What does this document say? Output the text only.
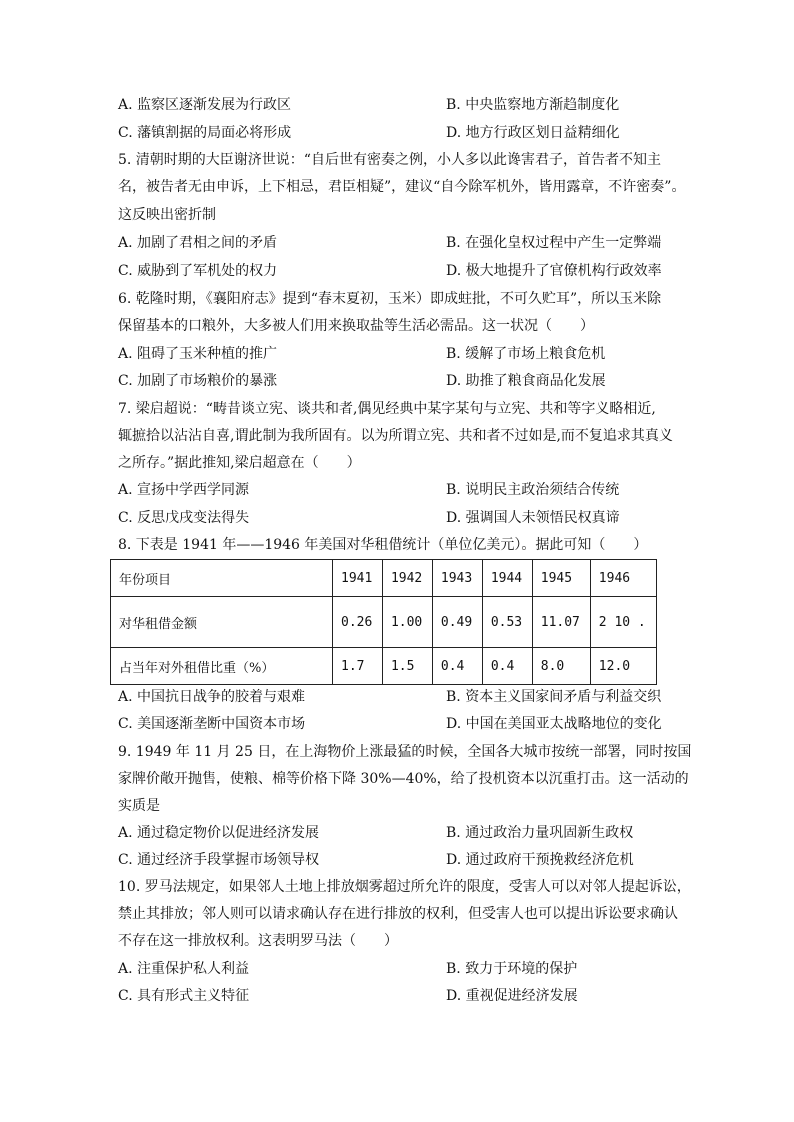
A. 监察区逐渐发展为行政区	B. 中央监察地方渐趋制度化
C. 藩镇割据的局面必将形成	D. 地方行政区划日益精细化
5. 清朝时期的大臣谢济世说：“自后世有密奏之例，小人多以此谗害君子，首告者不知主
名，被告者无由申诉，上下相忌，君臣相疑”，建议“自今除军机外，皆用露章，不许密奏”。
这反映出密折制
A. 加剧了君相之间的矛盾	B. 在强化皇权过程中产生一定弊端
C. 威胁到了军机处的权力	D. 极大地提升了官僚机构行政效率
6. 乾隆时期，《襄阳府志》提到“春末夏初，玉米）即成蛀批，不可久贮耳”，所以玉米除
保留基本的口粮外，大多被人们用来换取盐等生活必需品。这一状况（　　）
A. 阻碍了玉米种植的推广	B. 缓解了市场上粮食危机
C. 加剧了市场粮价的暴涨	D. 助推了粮食商品化发展
7. 梁启超说：“畴昔谈立宪、谈共和者,偶见经典中某字某句与立宪、共和等字义略相近,
辄摭拾以沾沾自喜,谓此制为我所固有。以为所谓立宪、共和者不过如是,而不复追求其真义
之所存。”据此推知,梁启超意在（　　）
A. 宣扬中学西学同源	B. 说明民主政治须结合传统
C. 反思戊戌变法得失	D. 强调国人未领悟民权真谛
8. 下表是 1941 年——1946 年美国对华租借统计（单位亿美元）。据此可知（　　）
年份项目	1941	1942	1943	1944	1945	1946
对华租借金额	0.26	1.00	0.49	0.53	11.07	2 10 .
占当年对外租借比重（%）	1.7	1.5	0.4	0.4	8.0	12.0
A. 中国抗日战争的胶着与艰难	B. 资本主义国家间矛盾与利益交织
C. 美国逐渐垄断中国资本市场	D. 中国在美国亚太战略地位的变化
9. 1949 年 11 月 25 日，在上海物价上涨最猛的时候，全国各大城市按统一部署，同时按国
家牌价敞开抛售，使粮、棉等价格下降 30%—40%，给了投机资本以沉重打击。这一活动的
实质是
A. 通过稳定物价以促进经济发展	B. 通过政治力量巩固新生政权
C. 通过经济手段掌握市场领导权	D. 通过政府干预挽救经济危机
10. 罗马法规定，如果邻人土地上排放烟雾超过所允许的限度，受害人可以对邻人提起诉讼，
禁止其排放；邻人则可以请求确认存在进行排放的权利，但受害人也可以提出诉讼要求确认
不存在这一排放权利。这表明罗马法（　　）
A. 注重保护私人利益	B. 致力于环境的保护
C. 具有形式主义特征	D. 重视促进经济发展
